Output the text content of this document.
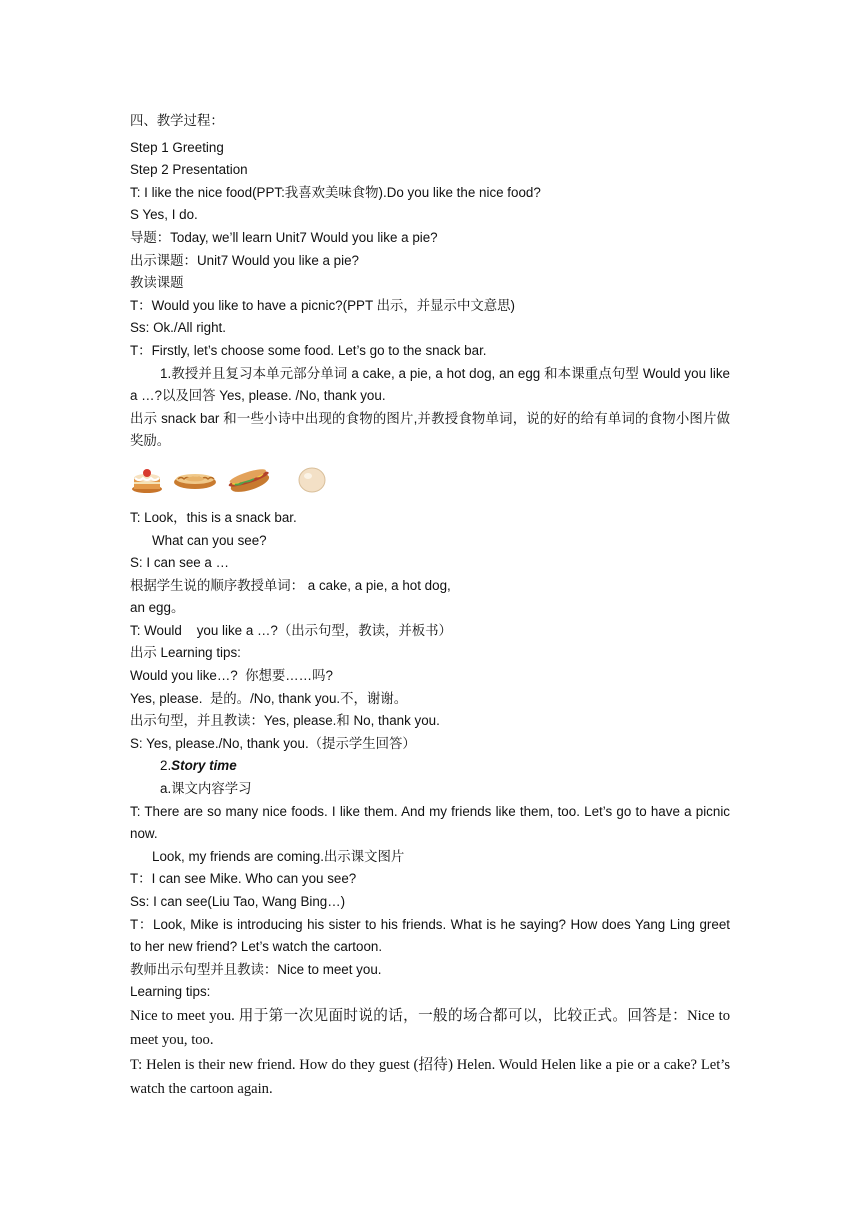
四、教学过程：
Step 1 Greeting
Step 2 Presentation
T: I like the nice food(PPT:我喜欢美味食物).Do you like the nice food?
S Yes, I do.
导题：Today, we’ll learn Unit7 Would you like a pie?
出示课题：Unit7 Would you like a pie?
教读课题
T：Would you like to have a picnic?(PPT 出示，并显示中文意思)
Ss: Ok./All right.
T：Firstly, let’s choose some food. Let’s go to the snack bar.
1.教授并且复习本单元部分单词 a cake, a pie, a hot dog, an egg 和本课重点句型 Would you like a …?以及回答 Yes, please. /No, thank you.
出示 snack bar 和一些小诗中出现的食物的图片,并教授食物单词，说的好的给有单词的食物小图片做奖励。
T: Look，this is a snack bar.
What can you see?
S: I can see a …
根据学生说的顺序教授单词： a cake, a pie, a hot dog,
an egg。
T: Would    you like a …?（出示句型，教读，并板书）
出示 Learning tips:
Would you like…?  你想要……吗?
Yes, please.  是的。/No, thank you.不，谢谢。
出示句型，并且教读：Yes, please.和 No, thank you.
S: Yes, please./No, thank you.（提示学生回答）
2.Story time
a.课文内容学习
T: There are so many nice foods. I like them. And my friends like them, too. Let’s go to have a picnic now.
Look, my friends are coming.出示课文图片
T：I can see Mike. Who can you see?
Ss: I can see(Liu Tao, Wang Bing…)
T：Look, Mike is introducing his sister to his friends. What is he saying? How does Yang Ling greet to her new friend? Let’s watch the cartoon.
教师出示句型并且教读：Nice to meet you.
Learning tips:
Nice to meet you. 用于第一次见面时说的话，一般的场合都可以，比较正式。回答是：Nice to meet you, too.
T: Helen is their new friend. How do they guest (招待) Helen. Would Helen like a pie or a cake? Let’s watch the cartoon again.
